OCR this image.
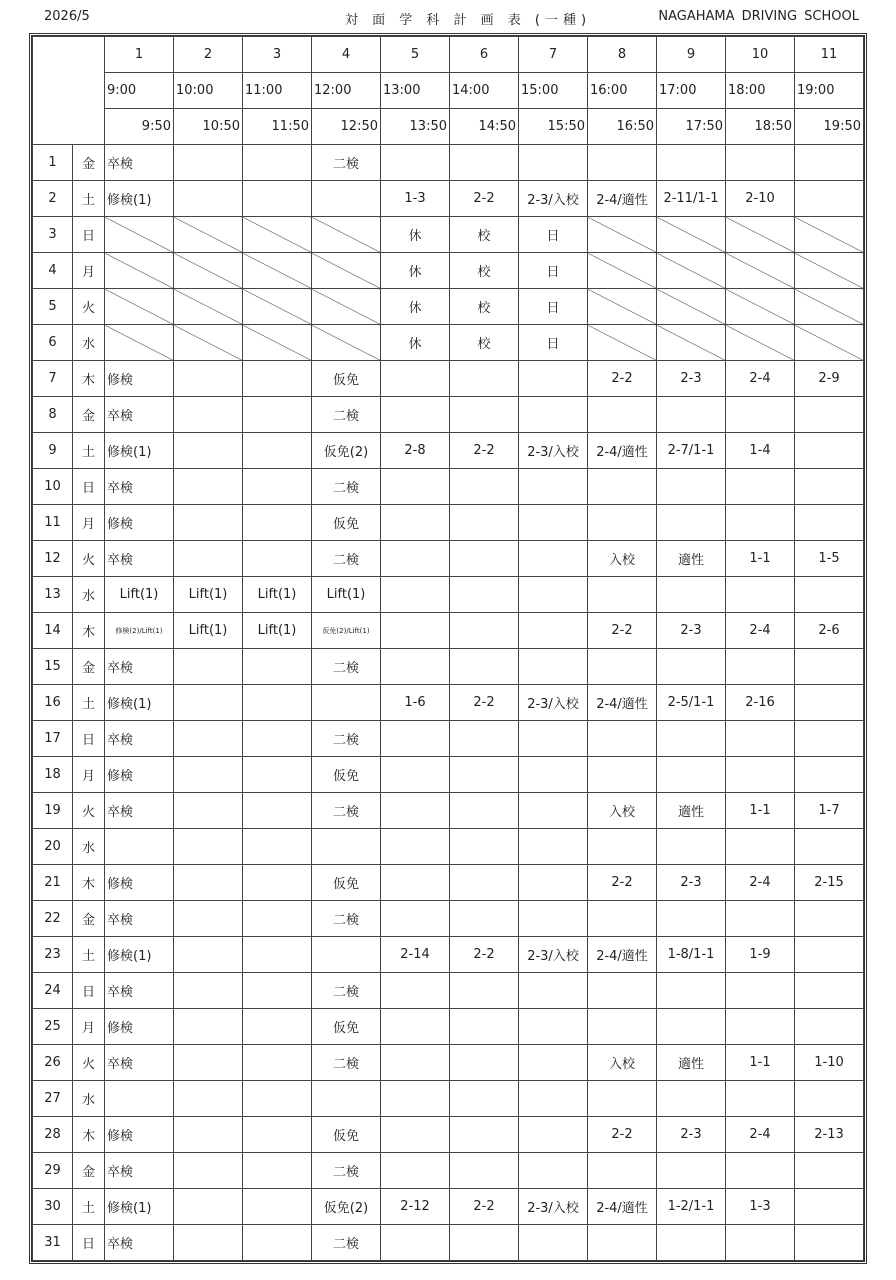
2026/5	対 面 学 科 計 画 表 (一種)	NAGAHAMA DRIVING SCHOOL
		1	2	3	4	5	6	7	8	9	10	11
		9:00	10:00	11:00	12:00	13:00	14:00	15:00	16:00	17:00	18:00	19:00
		9:50	10:50	11:50	12:50	13:50	14:50	15:50	16:50	17:50	18:50	19:50
1	金	卒検			二検							
2	土	修検(1)				1-3	2-2	2-3/入校	2-4/適性	2-11/1-1	2-10	
3	日					休	校	日				
4	月					休	校	日				
5	火					休	校	日				
6	水					休	校	日				
7	木	修検			仮免				2-2	2-3	2-4	2-9
8	金	卒検			二検							
9	土	修検(1)			仮免(2)	2-8	2-2	2-3/入校	2-4/適性	2-7/1-1	1-4	
10	日	卒検			二検							
11	月	修検			仮免							
12	火	卒検			二検				入校	適性	1-1	1-5
13	水	Lift(1)	Lift(1)	Lift(1)	Lift(1)							
14	木	修検(2)/Lift(1)	Lift(1)	Lift(1)	仮免(2)/Lift(1)				2-2	2-3	2-4	2-6
15	金	卒検			二検							
16	土	修検(1)				1-6	2-2	2-3/入校	2-4/適性	2-5/1-1	2-16	
17	日	卒検			二検							
18	月	修検			仮免							
19	火	卒検			二検				入校	適性	1-1	1-7
20	水											
21	木	修検			仮免				2-2	2-3	2-4	2-15
22	金	卒検			二検							
23	土	修検(1)				2-14	2-2	2-3/入校	2-4/適性	1-8/1-1	1-9	
24	日	卒検			二検							
25	月	修検			仮免							
26	火	卒検			二検				入校	適性	1-1	1-10
27	水											
28	木	修検			仮免				2-2	2-3	2-4	2-13
29	金	卒検			二検							
30	土	修検(1)			仮免(2)	2-12	2-2	2-3/入校	2-4/適性	1-2/1-1	1-3	
31	日	卒検			二検							
